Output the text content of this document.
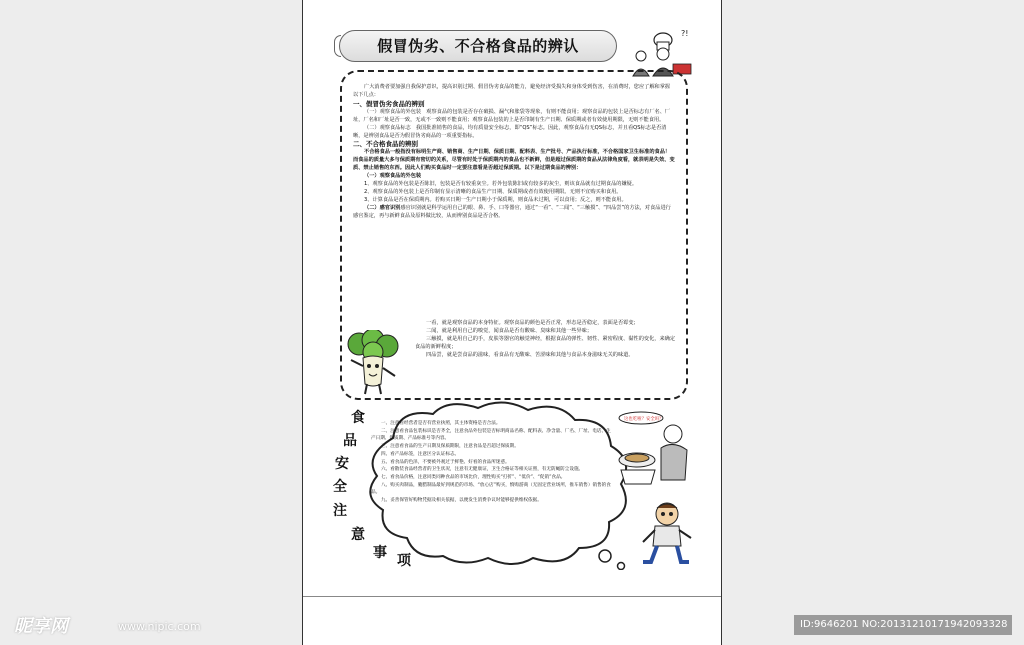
假冒伪劣、不合格食品的辨认
?!

广大消费者要加强自我保护意识，提高识别过期、假冒伪劣食品的能力，避免经济受损失和身体受到伤害，在消费时，您应了解和掌握以下几点：

一、假冒伪劣食品的辨别

（一）观察食品的外包装　观察食品的包装是否存在破损、漏气和胀袋等现象，有则不能食用；观察食品的包装上是否标志有厂名、厂址，厂名和厂址是否一致，无或不一致则不能食用；观察食品包装的上是否印制有生产日期、保质期或者有效使用期限，无则不能食用。

（二）观察食品标志　我国批准销售的食品，均有质量安全标志，即“QS”标志。因此，观察食品有无QS标志，并且看QS标志是否清晰，是辨别食品是否为假冒伪劣商品的一项重要指标。

二、不合格食品的辨别

不合格食品一般指没有标明生产商、销售商、生产日期、保质日期、配料表、生产批号、产品执行标准，不合格国家卫生标准的食品！而食品的质量大多与保质期有密切的关系，尽管有时处于保质期内的食品也不新鲜，但是超过保质期的食品从法律角度看，就表明是失效、变质、禁止销售的东西。因此人们购买食品时一定要注意看是否超过保质期。以下是过期食品的辨别：

（一）观察食品的外包装

1、观察食品的外包装是否陈旧，包装是否有较重灰尘。若外包装陈旧或有较多的灰尘，则该食品就有过期食品的嫌疑。

2、观察食品的外包装上是否印制有显示清晰的食品生产日期、保质期或者有效使用期限。无则不宜购买和食用。

3、计算食品是否在保质期内。若购买日期一生产日期小于保质期，则食品未过期，可以食用；反之，则不能食用。

（二）感官识别感官识别就是科学运用自己的眼、鼻、手、口等器官，通过“一看”、“二闻”、“三触摸”、“四品尝”的方法，对食品进行感官鉴定，再与新鲜食品及原料做比较，从而辨别食品是否合格。

一看，就是观察食品的本身特征。观察食品的颜色是否正常，形态是否稳定，表面是否霉变；

二闻，就是利用自己的嗅觉，闻食品是否有酸味、臭味和其他一些异味；

三触摸，就是用自己的手，皮肤等器官的触觉神经，根据食品的弹性、韧性、紧密程度、黏性的变化，来确定食品的新鲜程度；

四品尝，就是尝食品的滋味，看食品有无酸味、苦涩味和其他与食品本身滋味无关的味道。

一、注意看经营者是否有营业执照，其主体资格是否合法。

二、注意看食品包装标识是否齐全，注意食品外包装是否标明商品名称、配料表、净含量、厂名、厂址、电话、生产日期、保质期、产品标准号等内容。

三、注意看食品的生产日期及保质期限，注意食品是否超过保质期。

四、看产品标签，注意区分认证标志。

五、看食品的色泽，不要被外观过于鲜艳、好看的食品所迷惑。

六、看散装食品经营者的卫生状况，注意有无健康证，卫生合格证等相关证照，有无防蝇防尘设施。

七、看食品价格，注意同类同种食品的市场比价，理性购买“打折”、“低价”、“促销”食品。

八、购买肉制品，腌腊制品最好到规范的市场、“放心店”购买，慎购游商（无固定营业场所，推车销售）销售的食品。

九、妥善保管好购物凭据及相关依据，以便发生消费争议时能够提供维权依据。

食
品
安
全
注
意
事 项
这也吃啦？安全吗？
昵享网	www.nipic.com	ID:9646201 NO:20131210171942093328
